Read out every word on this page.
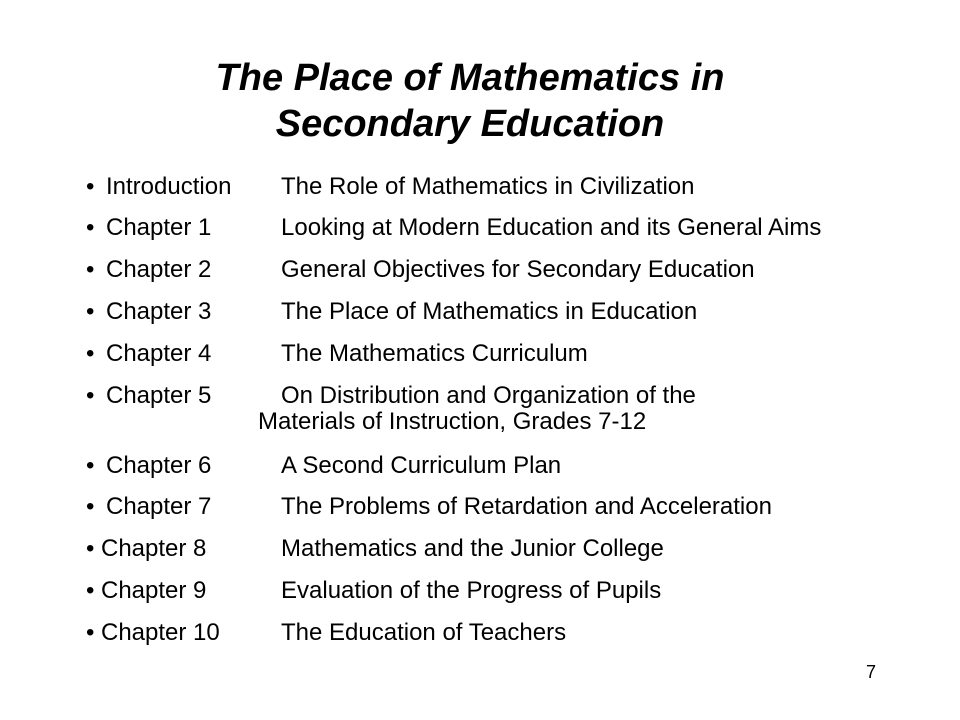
The Place of Mathematics in
Secondary Education
• Introduction The Role of Mathematics in Civilization
• Chapter 1	Looking at Modern Education and its General Aims
• Chapter 2	General Objectives for Secondary Education
• Chapter 3	The Place of Mathematics in Education
• Chapter 4	The Mathematics Curriculum
• Chapter 5	On Distribution and Organization of the
Materials of Instruction, Grades 7-12
• Chapter 6	A Second Curriculum Plan
• Chapter 7	The Problems of Retardation and Acceleration
• Chapter 8	Mathematics and the Junior College
• Chapter 9	Evaluation of the Progress of Pupils
• Chapter 10	The Education of Teachers
7
